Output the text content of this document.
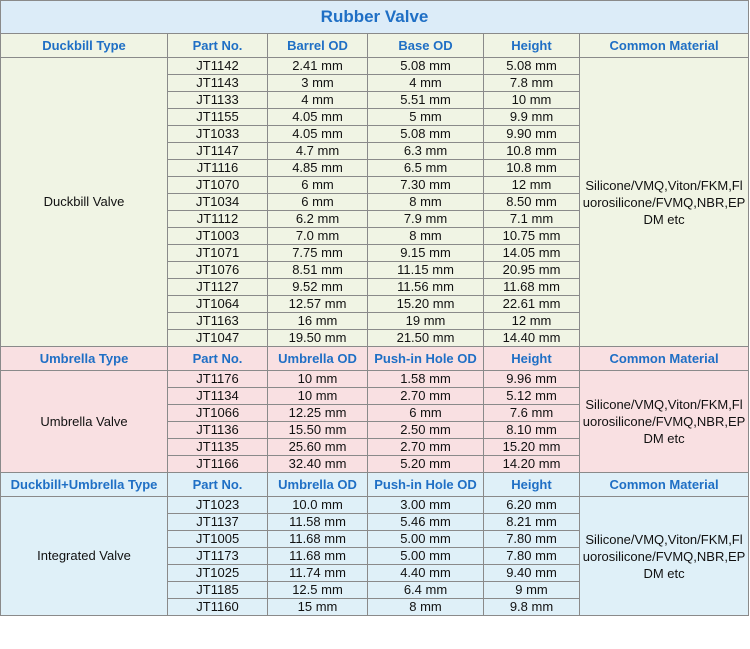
Rubber Valve					
Duckbill Type	Part No.	Barrel OD	Base OD	Height	Common Material
Duckbill Valve	JT1142	2.41 mm	5.08 mm	5.08 mm	Silicone/VMQ,Viton/FKM,Fluorosilicone/FVMQ,NBR,EPDM etc
	JT1143	3 mm	4 mm	7.8 mm	
	JT1133	4 mm	5.51 mm	10 mm	
	JT1155	4.05 mm	5 mm	9.9 mm	
	JT1033	4.05 mm	5.08 mm	9.90 mm	
	JT1147	4.7 mm	6.3 mm	10.8 mm	
	JT1116	4.85 mm	6.5 mm	10.8 mm	
	JT1070	6 mm	7.30 mm	12 mm	
	JT1034	6 mm	8 mm	8.50 mm	
	JT1112	6.2 mm	7.9 mm	7.1 mm	
	JT1003	7.0 mm	8 mm	10.75 mm	
	JT1071	7.75 mm	9.15 mm	14.05 mm	
	JT1076	8.51 mm	11.15 mm	20.95 mm	
	JT1127	9.52 mm	11.56 mm	11.68 mm	
	JT1064	12.57 mm	15.20 mm	22.61 mm	
	JT1163	16 mm	19 mm	12 mm	
	JT1047	19.50 mm	21.50 mm	14.40 mm	
Umbrella Type	Part No.	Umbrella OD	Push-in Hole OD	Height	Common Material
Umbrella Valve	JT1176	10 mm	1.58 mm	9.96 mm	Silicone/VMQ,Viton/FKM,Fluorosilicone/FVMQ,NBR,EPDM etc
	JT1134	10 mm	2.70 mm	5.12 mm	
	JT1066	12.25 mm	6 mm	7.6 mm	
	JT1136	15.50 mm	2.50 mm	8.10 mm	
	JT1135	25.60 mm	2.70 mm	15.20 mm	
	JT1166	32.40 mm	5.20 mm	14.20 mm	
Duckbill+Umbrella Type	Part No.	Umbrella OD	Push-in Hole OD	Height	Common Material
Integrated Valve	JT1023	10.0 mm	3.00 mm	6.20 mm	Silicone/VMQ,Viton/FKM,Fluorosilicone/FVMQ,NBR,EPDM etc
	JT1137	11.58 mm	5.46 mm	8.21 mm	
	JT1005	11.68 mm	5.00 mm	7.80 mm	
	JT1173	11.68 mm	5.00 mm	7.80 mm	
	JT1025	11.74 mm	4.40 mm	9.40 mm	
	JT1185	12.5 mm	6.4 mm	9 mm	
	JT1160	15 mm	8 mm	9.8 mm	
